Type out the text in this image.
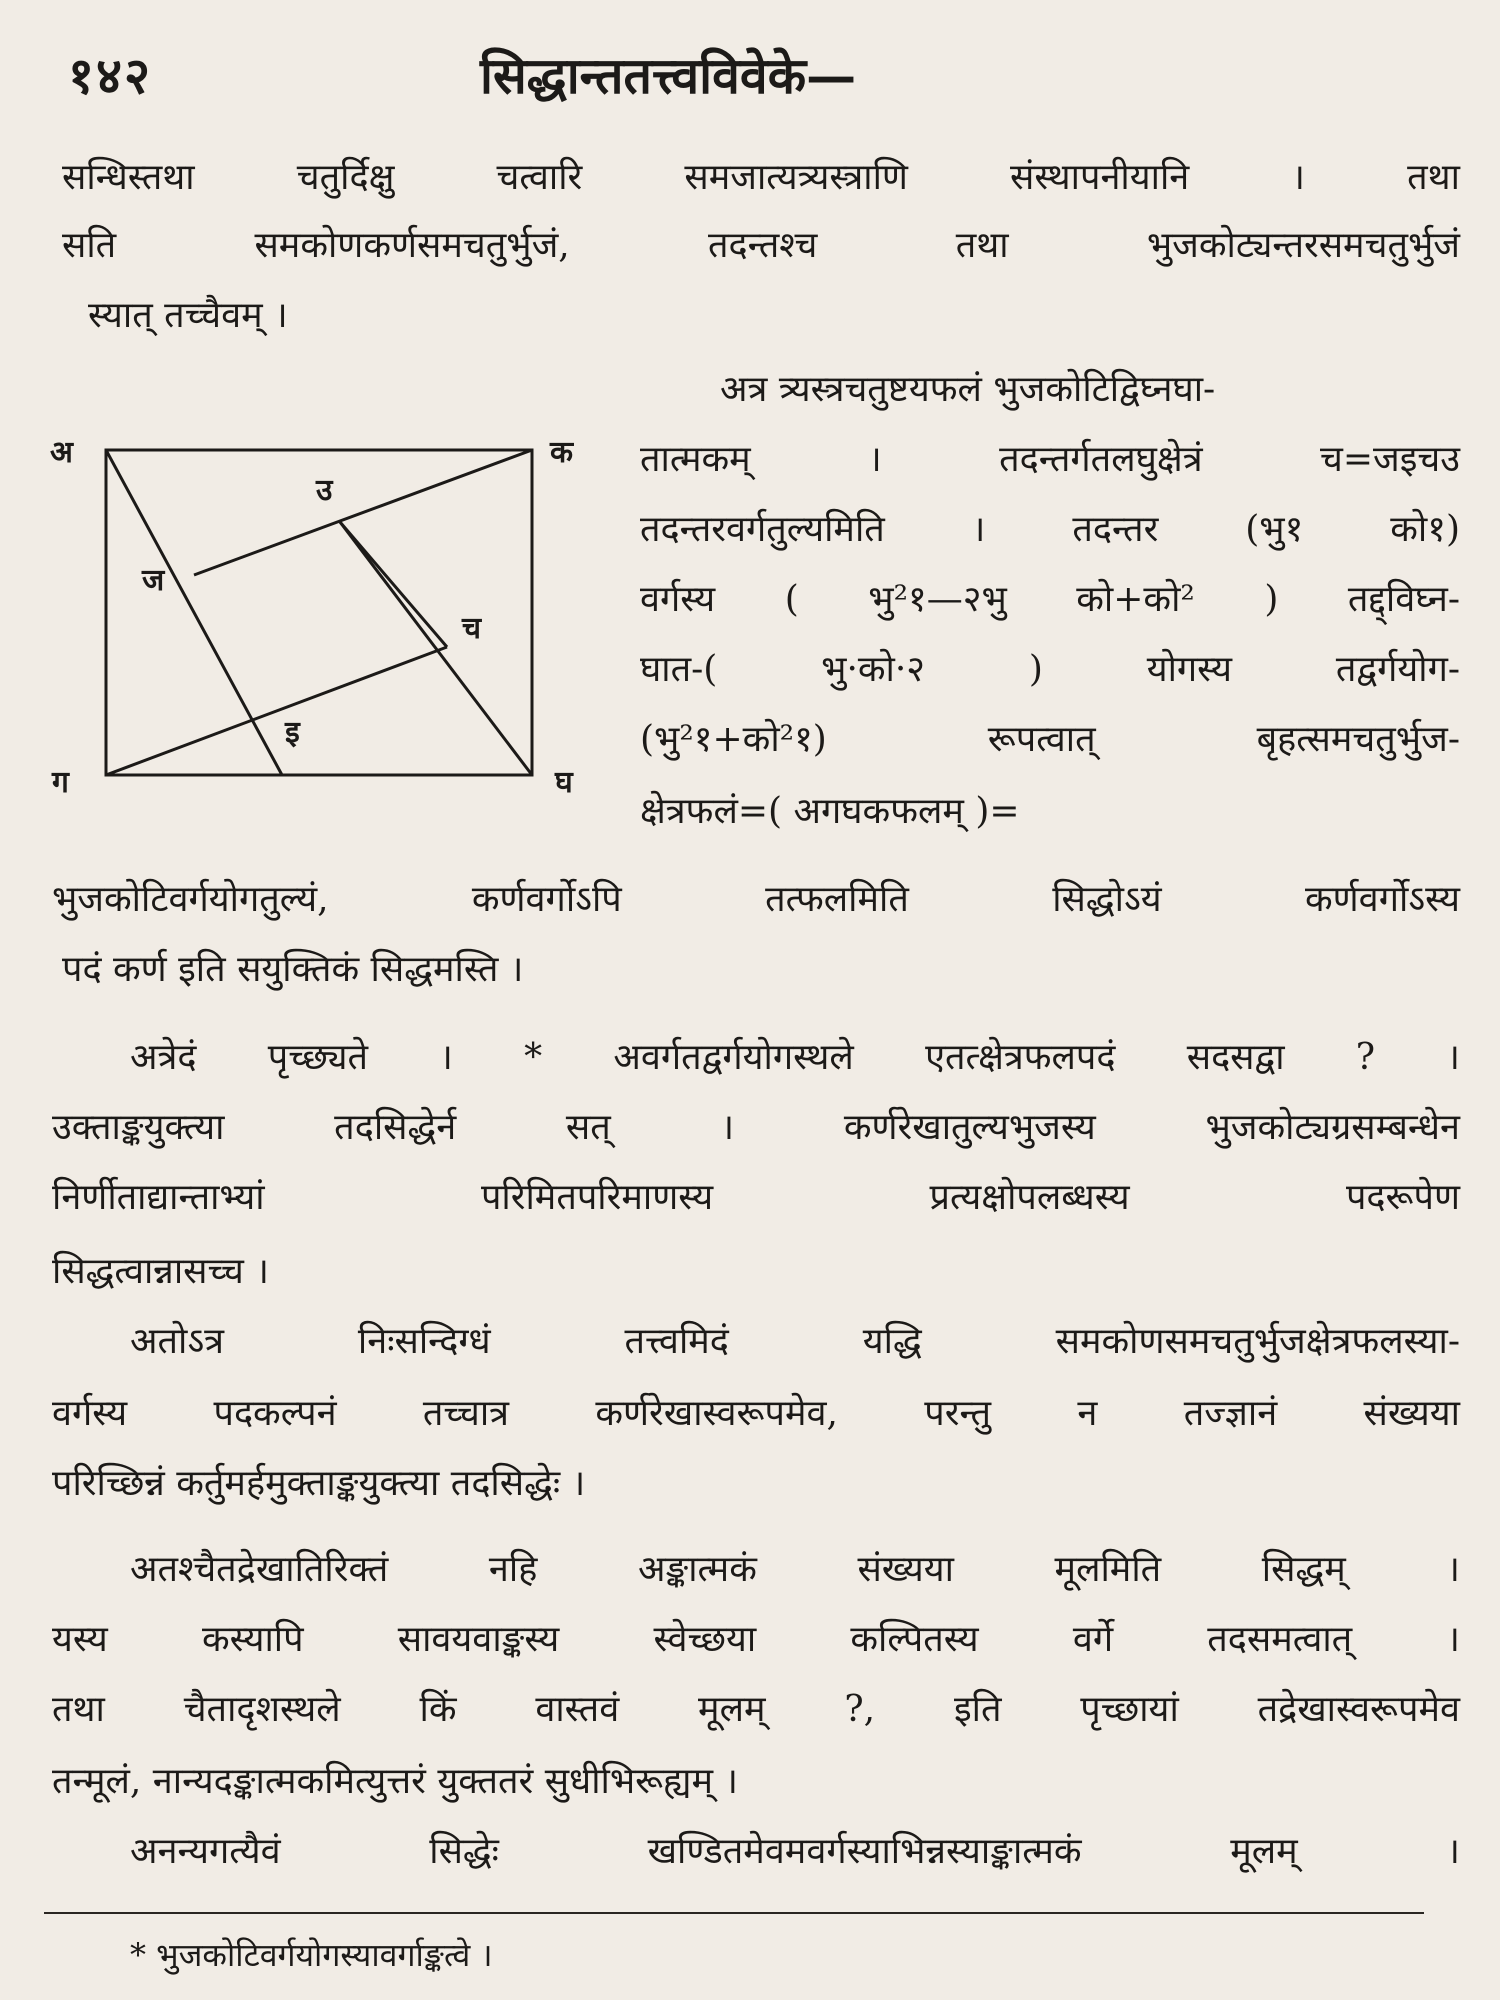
१४२	सिद्धान्ततत्त्वविवेके—
सन्धिस्तथा चतुर्दिक्षु चत्वारि समजात्यत्र्यस्त्राणि संस्थापनीयानि । तथा
सति समकोणकर्णसमचतुर्भुजं, तदन्तश्च तथा भुजकोट्यन्तरसमचतुर्भुजं
स्यात् तच्चैवम् ।
अ	क
ग	घ
उ
ज
च
इ
अत्र त्र्यस्त्रचतुष्टयफलं भुजकोटिद्विघ्नघा-
तात्मकम् । तदन्तर्गतलघुक्षेत्रं च=जइचउ
तदन्तरवर्गतुल्यमिति । तदन्तर (भु१ को१)
वर्गस्य ( भु²१—२भु को+को² ) तद्द्विघ्न-
घात-( भु·को·२ ) योगस्य तद्वर्गयोग-
(भु²१+को²१) रूपत्वात् बृहत्समचतुर्भुज-
क्षेत्रफलं=( अगघकफलम् )=
भुजकोटिवर्गयोगतुल्यं, कर्णवर्गोऽपि तत्फलमिति सिद्धोऽयं कर्णवर्गोऽस्य
पदं कर्ण इति सयुक्तिकं सिद्धमस्ति ।
अत्रेदं पृच्छ्यते । * अवर्गतद्वर्गयोगस्थले एतत्क्षेत्रफलपदं सदसद्वा ? ।
उक्ताङ्कयुक्त्या तदसिद्धेर्न सत् । कर्णरेखातुल्यभुजस्य भुजकोट्यग्रसम्बन्धेन
निर्णीताद्यान्ताभ्यां परिमितपरिमाणस्य प्रत्यक्षोपलब्धस्य पदरूपेण
सिद्धत्वान्नासच्च ।
अतोऽत्र निःसन्दिग्धं तत्त्वमिदं यद्धि समकोणसमचतुर्भुजक्षेत्रफलस्या-
वर्गस्य पदकल्पनं तच्चात्र कर्णरेखास्वरूपमेव, परन्तु न तज्ज्ञानं संख्यया
परिच्छिन्नं कर्तुमर्हमुक्ताङ्कयुक्त्या तदसिद्धेः ।
अतश्चैतद्रेखातिरिक्तं नहि अङ्कात्मकं संख्यया मूलमिति सिद्धम् ।
यस्य कस्यापि सावयवाङ्कस्य स्वेच्छया कल्पितस्य वर्गे तदसमत्वात् ।
तथा चैतादृशस्थले किं वास्तवं मूलम् ?, इति पृच्छायां तद्रेखास्वरूपमेव
तन्मूलं, नान्यदङ्कात्मकमित्युत्तरं युक्ततरं सुधीभिरूह्यम् ।
अनन्यगत्यैवं सिद्धेः खण्डितमेवमवर्गस्याभिन्नस्याङ्कात्मकं मूलम् ।
* भुजकोटिवर्गयोगस्यावर्गाङ्कत्वे ।
